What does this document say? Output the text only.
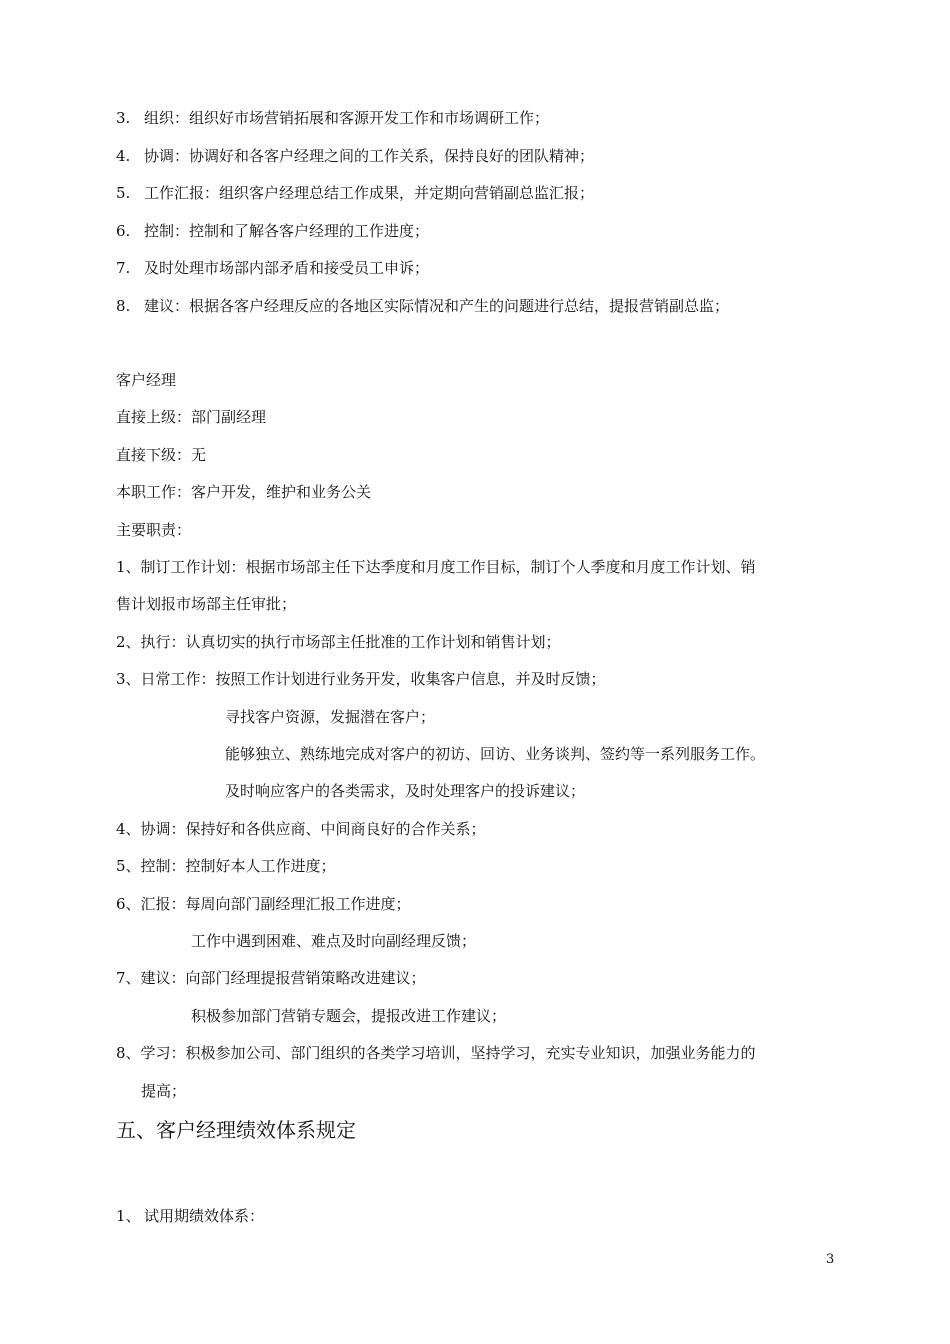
3. 组织：组织好市场营销拓展和客源开发工作和市场调研工作；
4. 协调：协调好和各客户经理之间的工作关系，保持良好的团队精神；
5. 工作汇报：组织客户经理总结工作成果，并定期向营销副总监汇报；
6. 控制：控制和了解各客户经理的工作进度；
7. 及时处理市场部内部矛盾和接受员工申诉；
8. 建议：根据各客户经理反应的各地区实际情况和产生的问题进行总结，提报营销副总监；
客户经理
直接上级：部门副经理
直接下级：无
本职工作：客户开发，维护和业务公关
主要职责：
1、制订工作计划：根据市场部主任下达季度和月度工作目标，制订个人季度和月度工作计划、销
售计划报市场部主任审批；
2、执行：认真切实的执行市场部主任批准的工作计划和销售计划；
3、日常工作：按照工作计划进行业务开发，收集客户信息，并及时反馈；
寻找客户资源，发掘潜在客户；
能够独立、熟练地完成对客户的初访、回访、业务谈判、签约等一系列服务工作。
及时响应客户的各类需求，及时处理客户的投诉建议；
4、协调：保持好和各供应商、中间商良好的合作关系；
5、控制：控制好本人工作进度；
6、汇报：每周向部门副经理汇报工作进度；
工作中遇到困难、难点及时向副经理反馈；
7、建议：向部门经理提报营销策略改进建议；
积极参加部门营销专题会，提报改进工作建议；
8、学习：积极参加公司、部门组织的各类学习培训，坚持学习，充实专业知识，加强业务能力的
提高；
五、客户经理绩效体系规定
1、 试用期绩效体系：
3
